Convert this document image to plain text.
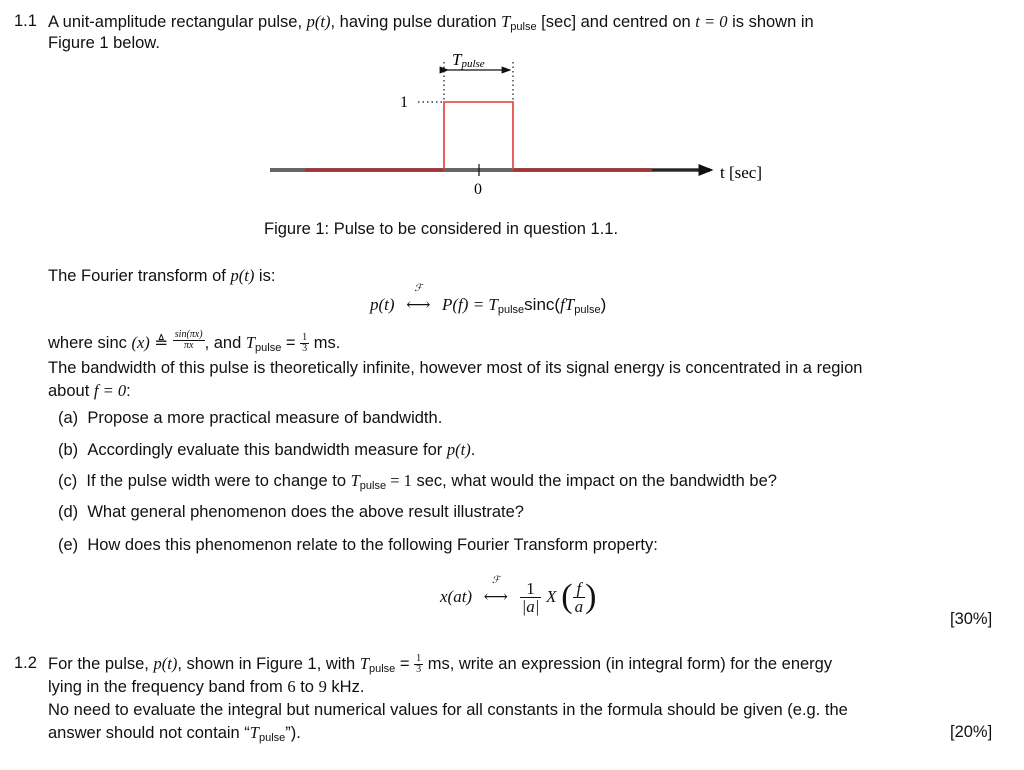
1.1 A unit-amplitude rectangular pulse, p(t), having pulse duration $T_{pulse}$ [sec] and centred on t = 0 is shown in
Figure 1 below.
Tpulse
0
1
t [sec]
Figure 1: Pulse to be considered in question 1.1.
The Fourier transform of p(t) is:
p(t)
ℱ
⟷ $P(f) = T_{pulse}\sin c(fT_{pulse})$
where sinc (x) ≜ $\frac{\sin(\pi x)}{\pi x}$ , and $T_{pulse} = \frac{1}{3}$ ms.
The bandwidth of this pulse is theoretically infinite, however most of its signal energy is concentrated in a region
about f = 0:
(a) Propose a more practical measure of bandwidth.
(b) Accordingly evaluate this bandwidth measure for p(t).
(c) If the pulse width were to change to $T_{pulse} = 1$ sec, what would the impact on the bandwidth be?
(d) What general phenomenon does the above result illustrate?
(e) How does this phenomenon relate to the following Fourier Transform property:
x(at)
ℱ
⟷ $\frac{1}{|a|}$ X ( $\frac{f}{a}$ )
[30%]
1.2 For the pulse, p(t), shown in Figure 1, with $T_{pulse} = \frac{1}{3}$ ms, write an expression (in integral form) for the energy
lying in the frequency band from 6 to 9 kHz.
No need to evaluate the integral but numerical values for all constants in the formula should be given (e.g. the
answer should not contain “$T_{pulse}$”).	[20%]
